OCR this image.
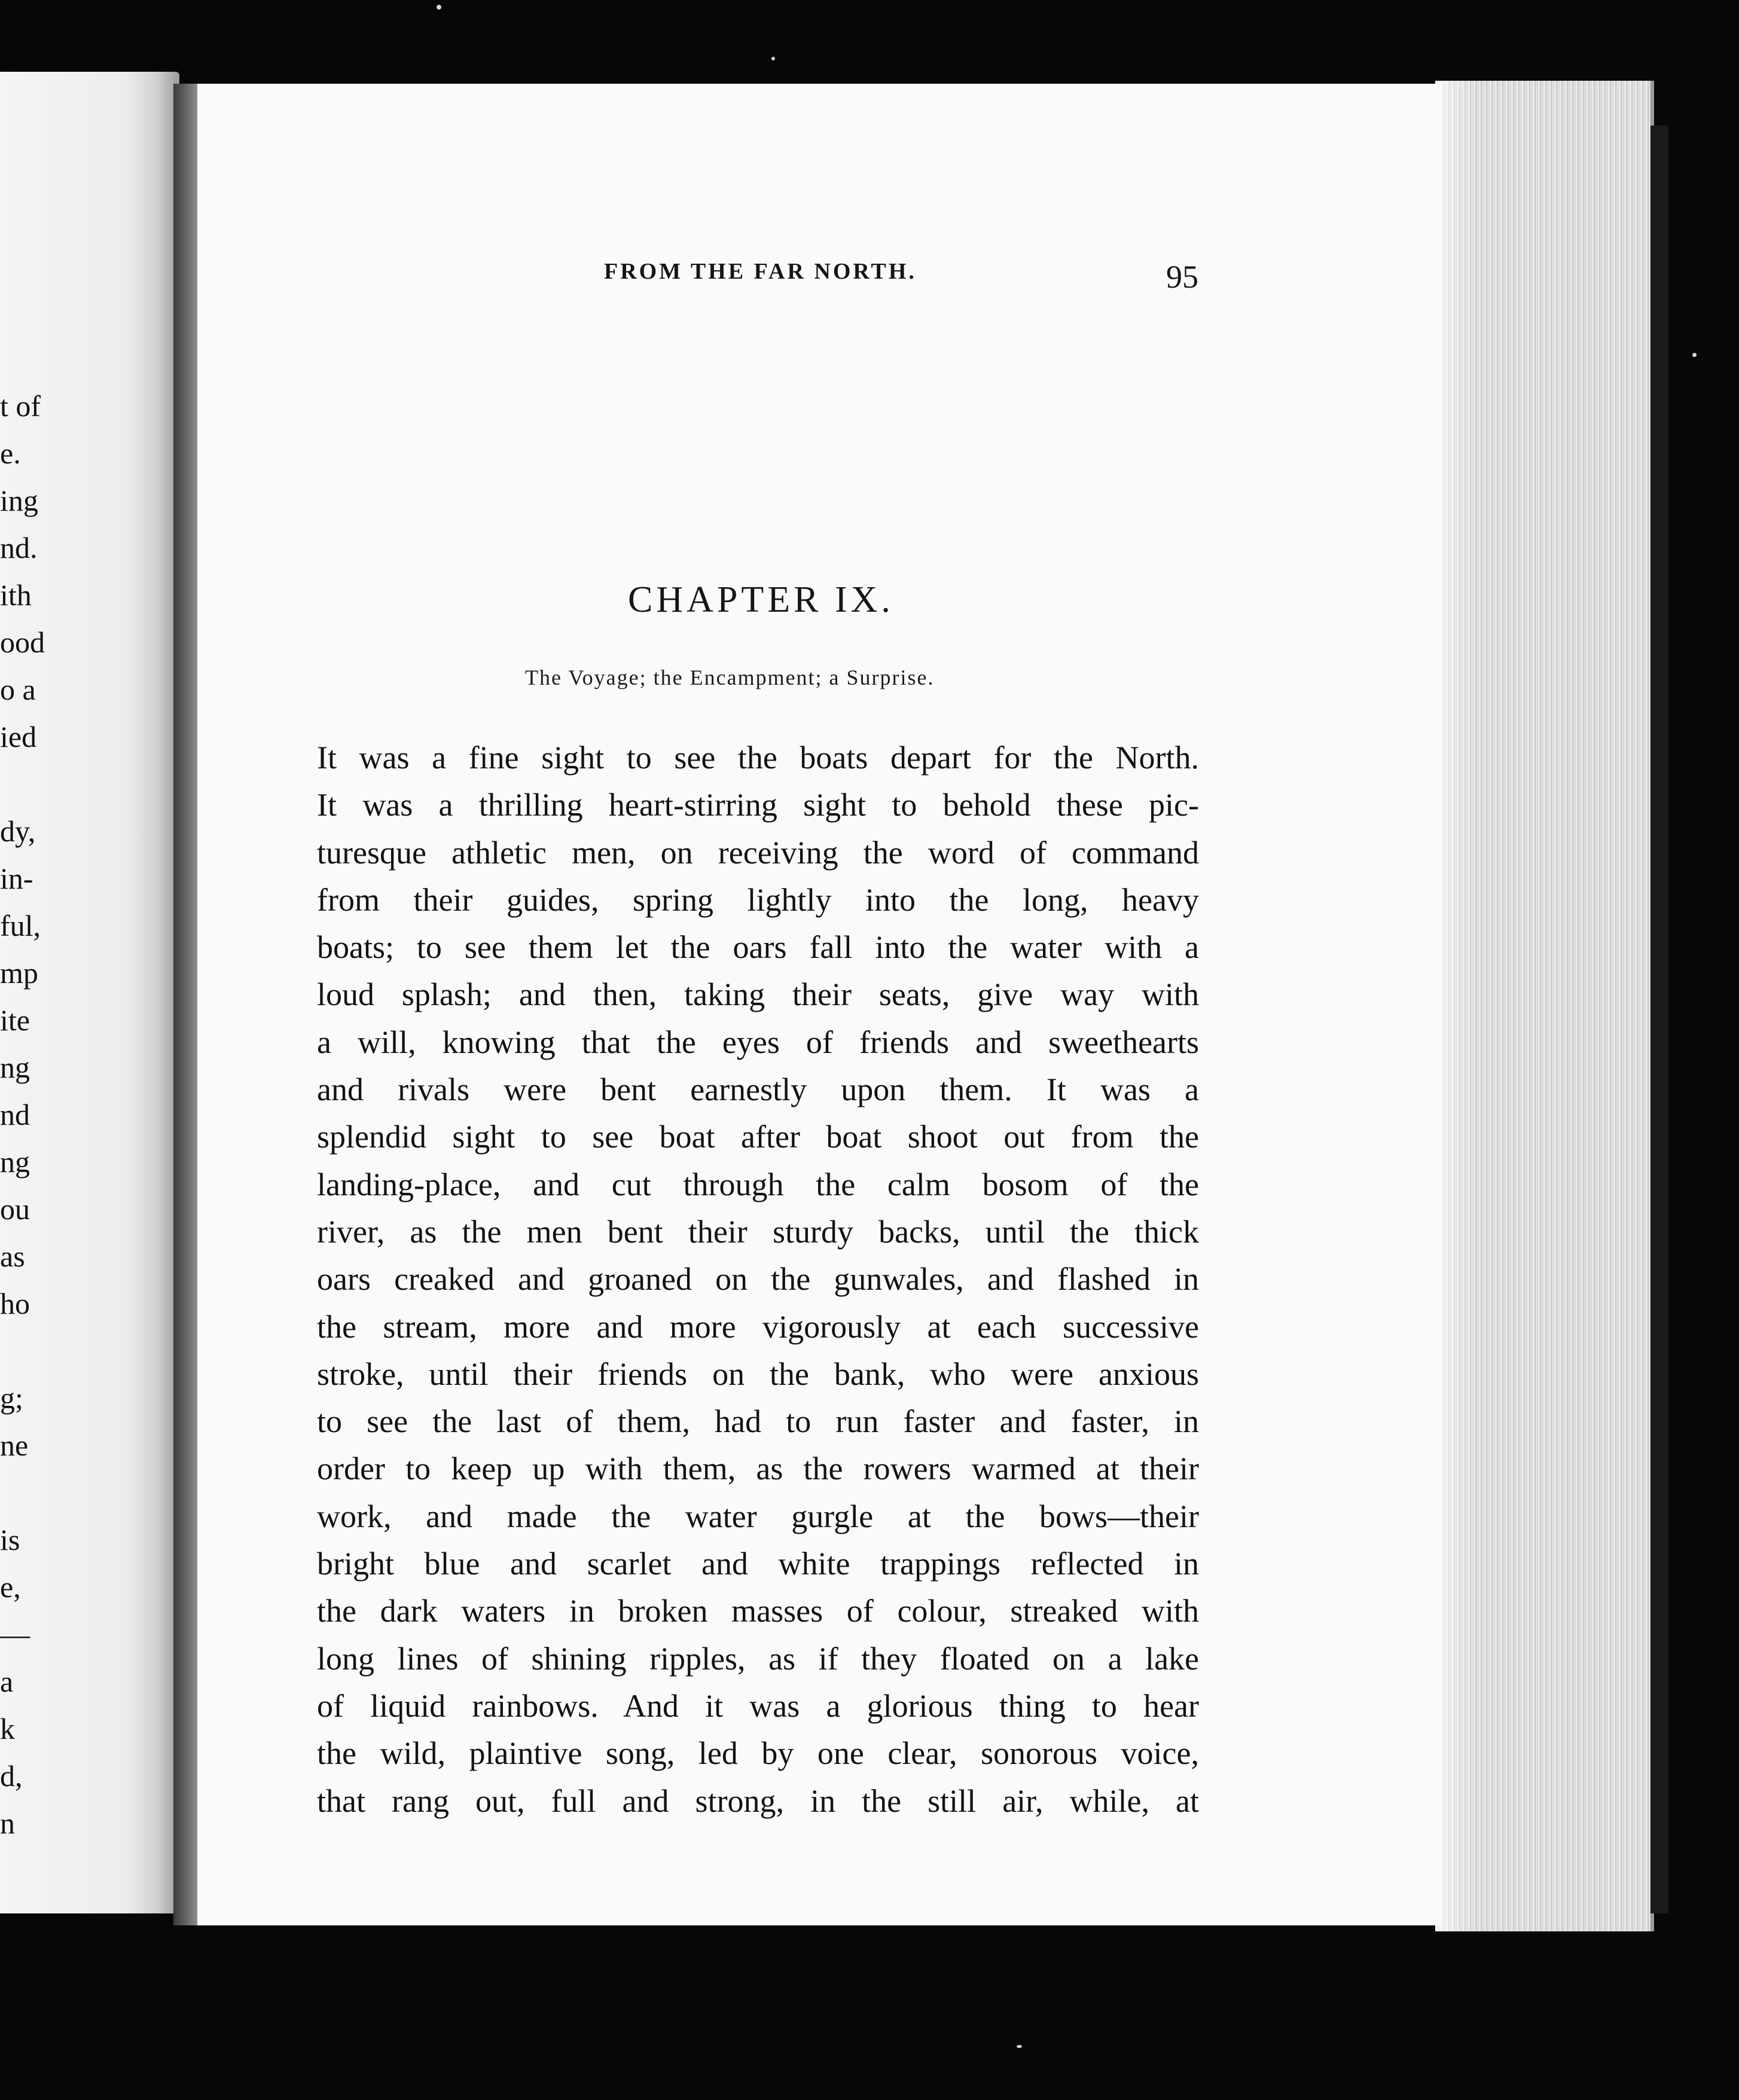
t of
e.
ing
nd.
ith
ood
o a
ied
dy,
in-
ful,
mp
ite
ng
nd
ng
ou
as
ho
g;
ne
is
e,
—
a
k
d,
n
FROM THE FAR NORTH.	95
CHAPTER IX.
The Voyage; the Encampment; a Surprise.
It was a fine sight to see the boats depart for the North.
It was a thrilling heart-stirring sight to behold these pic-
turesque athletic men, on receiving the word of command
from their guides, spring lightly into the long, heavy
boats; to see them let the oars fall into the water with a
loud splash; and then, taking their seats, give way with
a will, knowing that the eyes of friends and sweethearts
and rivals were bent earnestly upon them. It was a
splendid sight to see boat after boat shoot out from the
landing-place, and cut through the calm bosom of the
river, as the men bent their sturdy backs, until the thick
oars creaked and groaned on the gunwales, and flashed in
the stream, more and more vigorously at each successive
stroke, until their friends on the bank, who were anxious
to see the last of them, had to run faster and faster, in
order to keep up with them, as the rowers warmed at their
work, and made the water gurgle at the bows—their
bright blue and scarlet and white trappings reflected in
the dark waters in broken masses of colour, streaked with
long lines of shining ripples, as if they floated on a lake
of liquid rainbows. And it was a glorious thing to hear
the wild, plaintive song, led by one clear, sonorous voice,
that rang out, full and strong, in the still air, while, at
